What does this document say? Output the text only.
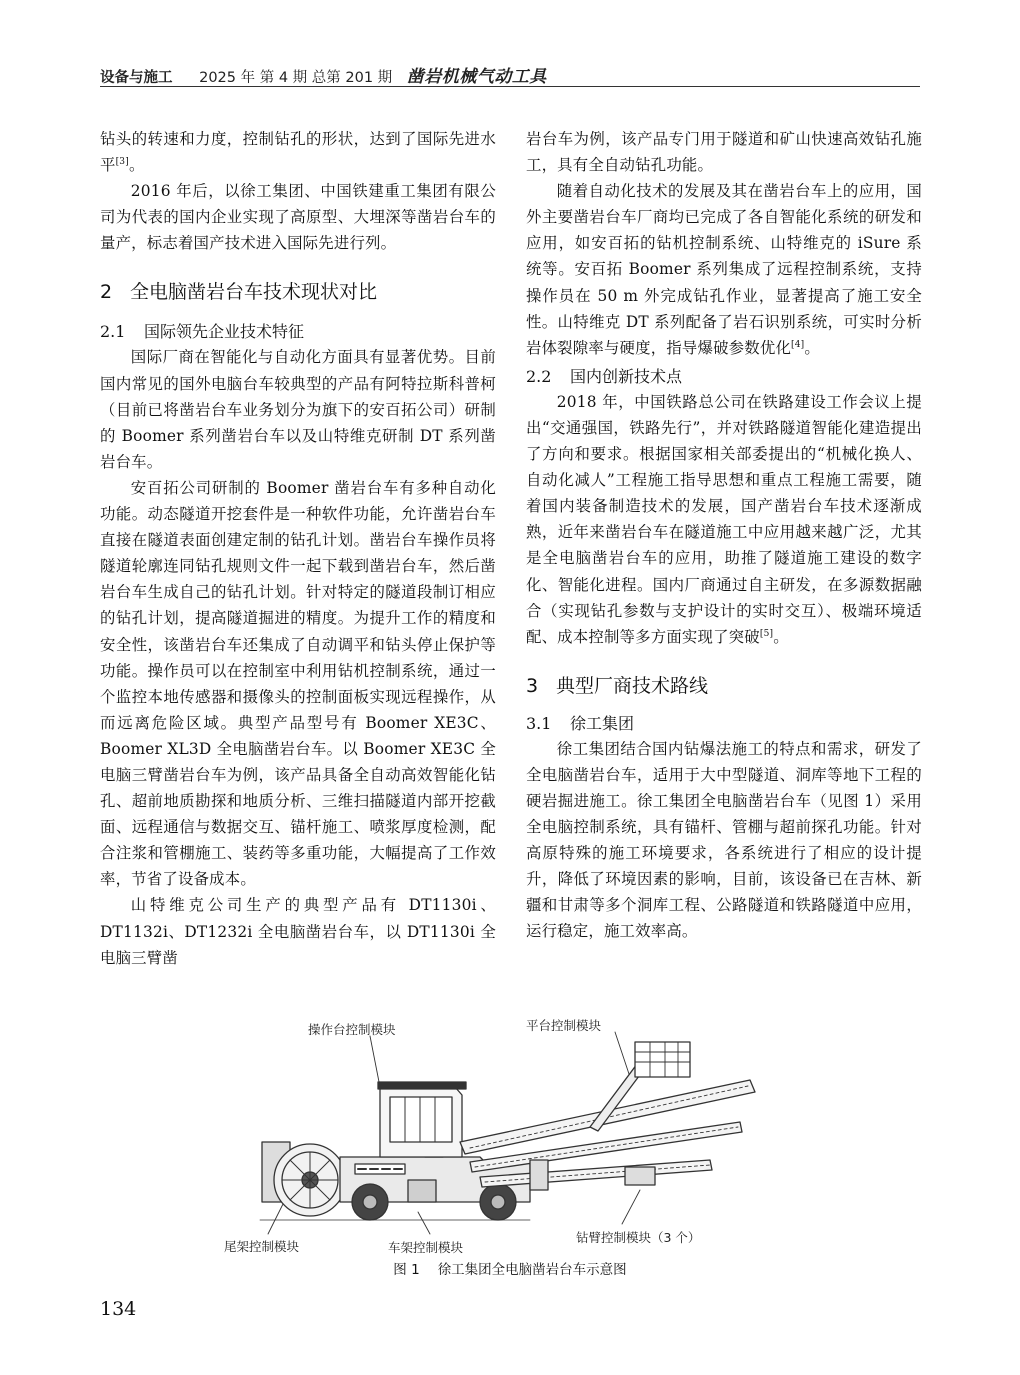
设备与施工 2025 年 第 4 期 总第 201 期 凿岩机械气动工具

钻头的转速和力度，控制钻孔的形状，达到了国际先进水平[3]。

2016 年后，以徐工集团、中国铁建重工集团有限公司为代表的国内企业实现了高原型、大埋深等凿岩台车的量产，标志着国产技术进入国际先进行列。

2 全电脑凿岩台车技术现状对比
2.1 国际领先企业技术特征

国际厂商在智能化与自动化方面具有显著优势。目前国内常见的国外电脑台车较典型的产品有阿特拉斯科普柯（目前已将凿岩台车业务划分为旗下的安百拓公司）研制的 Boomer 系列凿岩台车以及山特维克研制 DT 系列凿岩台车。

安百拓公司研制的 Boomer 凿岩台车有多种自动化功能。动态隧道开挖套件是一种软件功能，允许凿岩台车直接在隧道表面创建定制的钻孔计划。凿岩台车操作员将隧道轮廓连同钻孔规则文件一起下载到凿岩台车，然后凿岩台车生成自己的钻孔计划。针对特定的隧道段制订相应的钻孔计划，提高隧道掘进的精度。为提升工作的精度和安全性，该凿岩台车还集成了自动调平和钻头停止保护等功能。操作员可以在控制室中利用钻机控制系统，通过一个监控本地传感器和摄像头的控制面板实现远程操作，从而远离危险区域。典型产品型号有 Boomer XE3C、Boomer XL3D 全电脑凿岩台车。以 Boomer XE3C 全电脑三臂凿岩台车为例，该产品具备全自动高效智能化钻孔、超前地质勘探和地质分析、三维扫描隧道内部开挖截面、远程通信与数据交互、锚杆施工、喷浆厚度检测，配合注浆和管棚施工、装药等多重功能，大幅提高了工作效率，节省了设备成本。

山特维克公司生产的典型产品有 DT1130i、DT1132i、DT1232i 全电脑凿岩台车，以 DT1130i 全电脑三臂凿

岩台车为例，该产品专门用于隧道和矿山快速高效钻孔施工，具有全自动钻孔功能。

随着自动化技术的发展及其在凿岩台车上的应用，国外主要凿岩台车厂商均已完成了各自智能化系统的研发和应用，如安百拓的钻机控制系统、山特维克的 iSure 系统等。安百拓 Boomer 系列集成了远程控制系统，支持操作员在 50 m 外完成钻孔作业，显著提高了施工安全性。山特维克 DT 系列配备了岩石识别系统，可实时分析岩体裂隙率与硬度，指导爆破参数优化[4]。

2.2 国内创新技术点

2018 年，中国铁路总公司在铁路建设工作会议上提出“交通强国，铁路先行”，并对铁路隧道智能化建造提出了方向和要求。根据国家相关部委提出的“机械化换人、自动化减人”工程施工指导思想和重点工程施工需要，随着国内装备制造技术的发展，国产凿岩台车技术逐渐成熟，近年来凿岩台车在隧道施工中应用越来越广泛，尤其是全电脑凿岩台车的应用，助推了隧道施工建设的数字化、智能化进程。国内厂商通过自主研发，在多源数据融合（实现钻孔参数与支护设计的实时交互）、极端环境适配、成本控制等多方面实现了突破[5]。

3 典型厂商技术路线
3.1 徐工集团

徐工集团结合国内钻爆法施工的特点和需求，研发了全电脑凿岩台车，适用于大中型隧道、洞库等地下工程的硬岩掘进施工。徐工集团全电脑凿岩台车（见图 1）采用全电脑控制系统，具有锚杆、管棚与超前探孔功能。针对高原特殊的施工环境要求，各系统进行了相应的设计提升，降低了环境因素的影响，目前，该设备已在吉林、新疆和甘肃等多个洞库工程、公路隧道和铁路隧道中应用，运行稳定，施工效率高。

操作台控制模块	平台控制模块
尾架控制模块	车架控制模块
钻臂控制模块（3 个）
图 1 徐工集团全电脑凿岩台车示意图
134
